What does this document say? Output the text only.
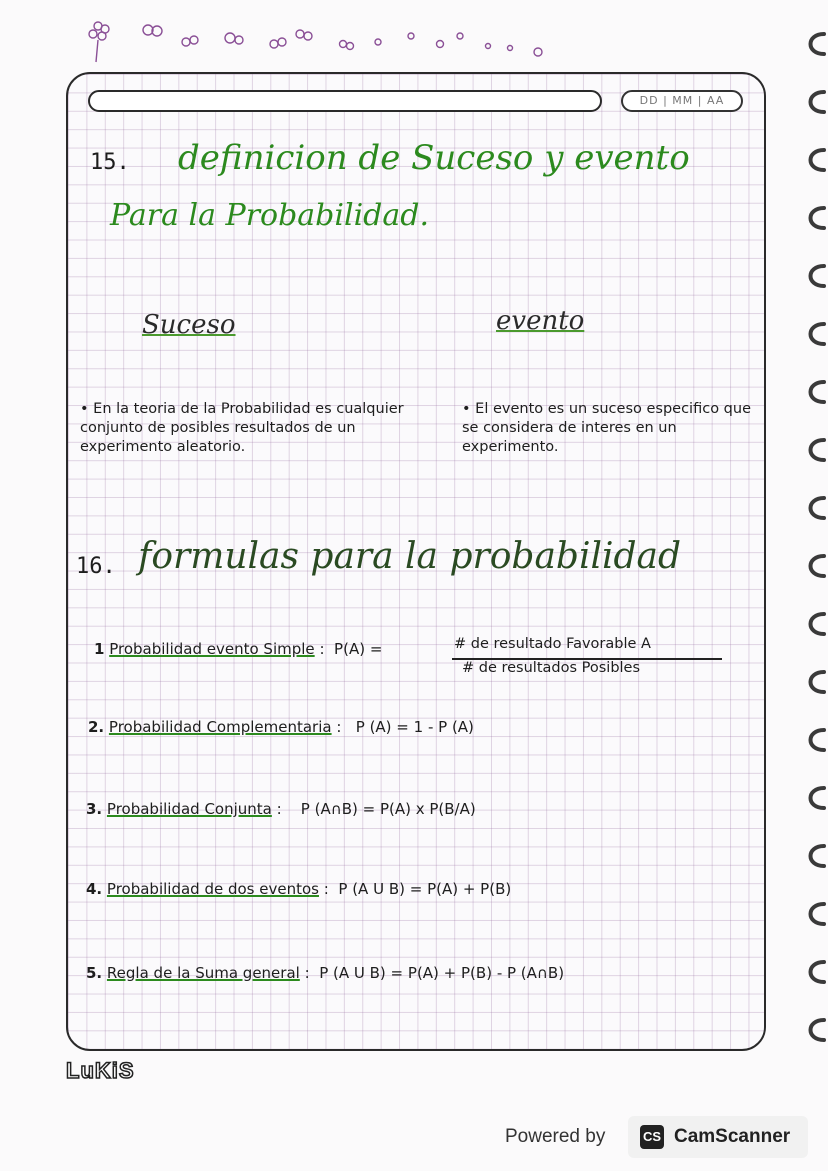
DD | MM | AA
15. definicion de Suceso y evento
Para la Probabilidad.
Suceso	evento
• En la teoria de la Probabilidad es cualquier conjunto de posibles resultados de un experimento aleatorio.
• El evento es un suceso especifico que se considera de interes en un experimento.
16. formulas para la probabilidad
1 Probabilidad evento Simple : P(A) =	# de resultado Favorable A
# de resultados Posibles
2. Probabilidad Complementaria : P (A) = 1 - P (A)
3. Probabilidad Conjunta : P (A∩B) = P(A) x P(B/A)
4. Probabilidad de dos eventos : P (A U B) = P(A) + P(B)
5. Regla de la Suma general : P (A U B) = P(A) + P(B) - P (A∩B)
LuKiS
Powered by	CS CamScanner
